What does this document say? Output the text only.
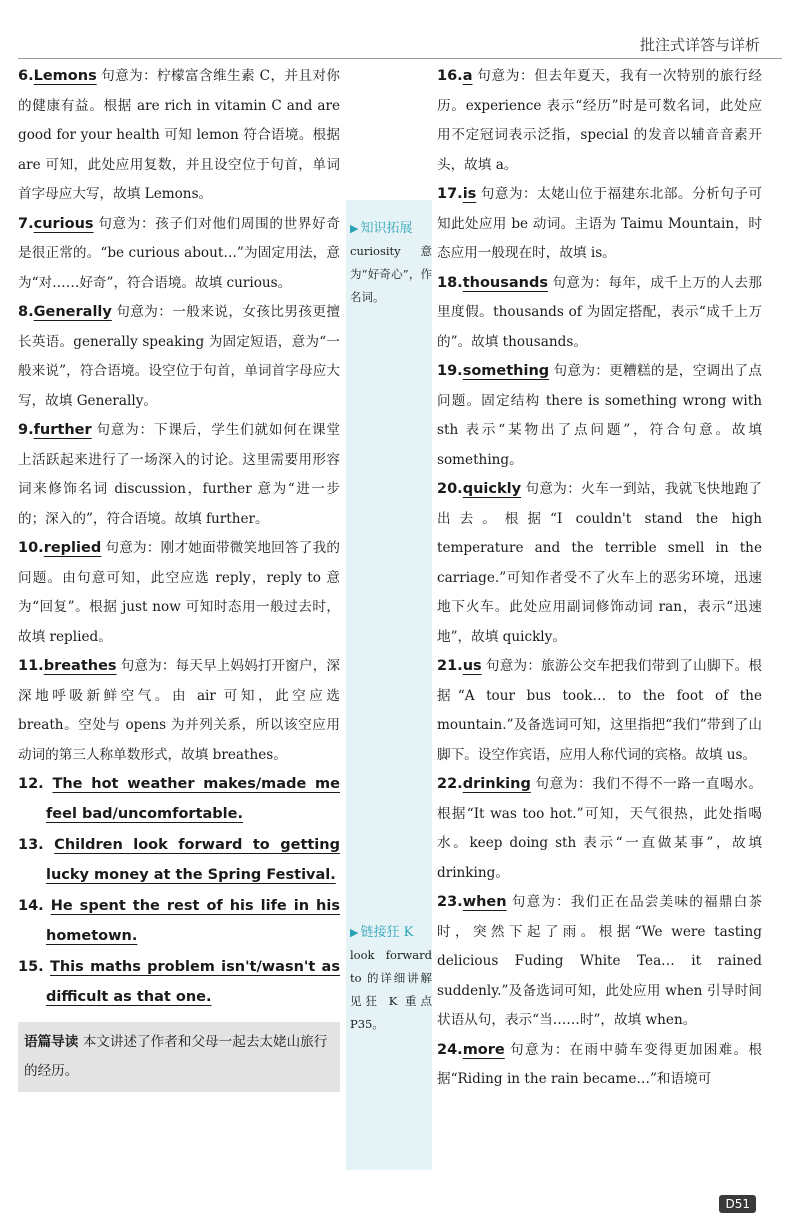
批注式详答与详析
6.Lemons 句意为：柠檬富含维生素 C，并且对你的健康有益。根据 are rich in vitamin C and are good for your health 可知 lemon 符合语境。根据 are 可知，此处应用复数，并且设空位于句首，单词首字母应大写，故填 Lemons。
7.curious 句意为：孩子们对他们周围的世界好奇是很正常的。“be curious about…”为固定用法，意为“对……好奇”，符合语境。故填 curious。
8.Generally 句意为：一般来说，女孩比男孩更擅长英语。generally speaking 为固定短语，意为“一般来说”，符合语境。设空位于句首，单词首字母应大写，故填 Generally。
9.further 句意为：下课后，学生们就如何在课堂上活跃起来进行了一场深入的讨论。这里需要用形容词来修饰名词 discussion，further 意为“进一步的；深入的”，符合语境。故填 further。
10.replied 句意为：刚才她面带微笑地回答了我的问题。由句意可知，此空应选 reply，reply to 意为“回复”。根据 just now 可知时态用一般过去时，故填 replied。
11.breathes 句意为：每天早上妈妈打开窗户，深深地呼吸新鲜空气。由 air 可知，此空应选 breath。空处与 opens 为并列关系，所以该空应用动词的第三人称单数形式，故填 breathes。
12. The hot weather makes/made me feel bad/uncomfortable.
13. Children look forward to getting lucky money at the Spring Festival.
14. He spent the rest of his life in his hometown.
15. This maths problem isn't/wasn't as difficult as that one.
语篇导读 本文讲述了作者和父母一起去太姥山旅行的经历。
▶ 知识拓展
curiosity 意为“好奇心”，作名词。
▶ 链接狂 K
look forward to 的详细讲解见狂 K 重点 P35。
16.a 句意为：但去年夏天，我有一次特别的旅行经历。experience 表示“经历”时是可数名词，此处应用不定冠词表示泛指，special 的发音以辅音音素开头，故填 a。
17.is 句意为：太姥山位于福建东北部。分析句子可知此处应用 be 动词。主语为 Taimu Mountain，时态应用一般现在时，故填 is。
18.thousands 句意为：每年，成千上万的人去那里度假。thousands of 为固定搭配，表示“成千上万的”。故填 thousands。
19.something 句意为：更糟糕的是，空调出了点问题。固定结构 there is something wrong with sth 表示“某物出了点问题”，符合句意。故填 something。
20.quickly 句意为：火车一到站，我就飞快地跑了出去。根据“I couldn't stand the high temperature and the terrible smell in the carriage.”可知作者受不了火车上的恶劣环境，迅速地下火车。此处应用副词修饰动词 ran，表示“迅速地”，故填 quickly。
21.us 句意为：旅游公交车把我们带到了山脚下。根据“A tour bus took… to the foot of the mountain.”及备选词可知，这里指把“我们”带到了山脚下。设空作宾语，应用人称代词的宾格。故填 us。
22.drinking 句意为：我们不得不一路一直喝水。根据“It was too hot.”可知，天气很热，此处指喝水。keep doing sth 表示“一直做某事”，故填 drinking。
23.when 句意为：我们正在品尝美味的福鼎白茶时，突然下起了雨。根据“We were tasting delicious Fuding White Tea… it rained suddenly.”及备选词可知，此处应用 when 引导时间状语从句，表示“当……时”，故填 when。
24.more 句意为：在雨中骑车变得更加困难。根据“Riding in the rain became…”和语境可
D51
